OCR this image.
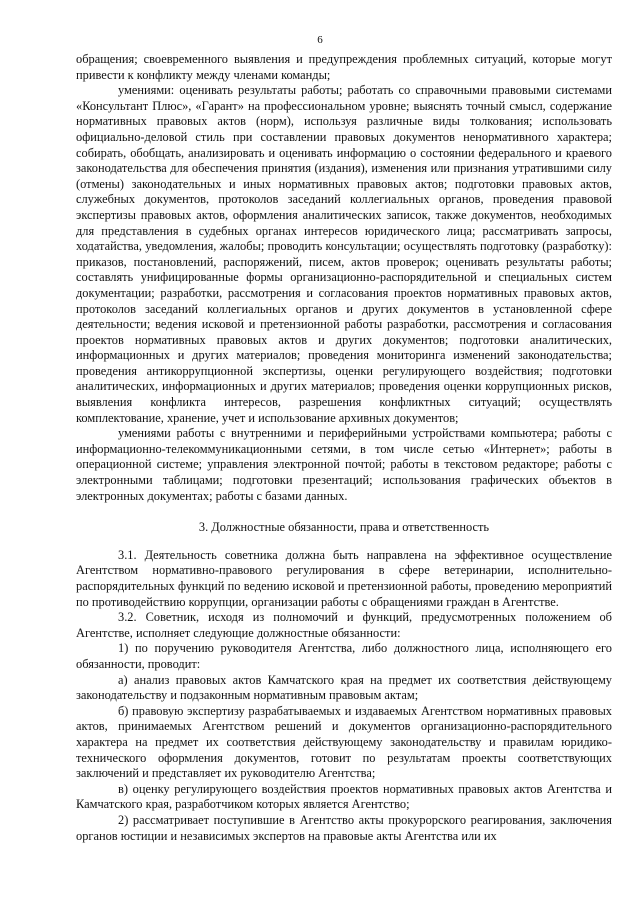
6

обращения; своевременного выявления и предупреждения проблемных ситуаций, которые могут привести к конфликту между членами команды;

умениями: оценивать результаты работы; работать со справочными правовыми системами «Консультант Плюс», «Гарант» на профессиональном уровне; выяснять точный смысл, содержание нормативных правовых актов (норм), используя различные виды толкования; использовать официально-деловой стиль при составлении правовых документов ненормативного характера; собирать, обобщать, анализировать и оценивать информацию о состоянии федерального и краевого законодательства для обеспечения принятия (издания), изменения или признания утратившими силу (отмены) законодательных и иных нормативных правовых актов; подготовки правовых актов, служебных документов, протоколов заседаний коллегиальных органов, проведения правовой экспертизы правовых актов, оформления аналитических записок, также документов, необходимых для представления в судебных органах интересов юридического лица; рассматривать запросы, ходатайства, уведомления, жалобы; проводить консультации; осуществлять подготовку (разработку): приказов, постановлений, распоряжений, писем, актов проверок; оценивать результаты работы; составлять унифицированные формы организационно-распорядительной и специальных систем документации; разработки, рассмотрения и согласования проектов нормативных правовых актов, протоколов заседаний коллегиальных органов и других документов в установленной сфере деятельности; ведения исковой и претензионной работы разработки, рассмотрения и согласования проектов нормативных правовых актов и других документов; подготовки аналитических, информационных и других материалов; проведения мониторинга изменений законодательства; проведения антикоррупционной экспертизы, оценки регулирующего воздействия; подготовки аналитических, информационных и других материалов; проведения оценки коррупционных рисков, выявления конфликта интересов, разрешения конфликтных ситуаций; осуществлять комплектование, хранение, учет и использование архивных документов;

умениями работы с внутренними и периферийными устройствами компьютера; работы с информационно-телекоммуникационными сетями, в том числе сетью «Интернет»; работы в операционной системе; управления электронной почтой; работы в текстовом редакторе; работы с электронными таблицами; подготовки презентаций; использования графических объектов в электронных документах; работы с базами данных.

3. Должностные обязанности, права и ответственность

3.1. Деятельность советника должна быть направлена на эффективное осуществление Агентством нормативно-правового регулирования в сфере ветеринарии, исполнительно-распорядительных функций по ведению исковой и претензионной работы, проведению мероприятий по противодействию коррупции, организации работы с обращениями граждан в Агентстве.

3.2. Советник, исходя из полномочий и функций, предусмотренных положением об Агентстве, исполняет следующие должностные обязанности:

1) по поручению руководителя Агентства, либо должностного лица, исполняющего его обязанности, проводит:

а) анализ правовых актов Камчатского края на предмет их соответствия действующему законодательству и подзаконным нормативным правовым актам;

б) правовую экспертизу разрабатываемых и издаваемых Агентством нормативных правовых актов, принимаемых Агентством решений и документов организационно-распорядительного характера на предмет их соответствия действующему законодательству и правилам юридико-технического оформления документов, готовит по результатам проекты соответствующих заключений и представляет их руководителю Агентства;

в) оценку регулирующего воздействия проектов нормативных правовых актов Агентства и Камчатского края, разработчиком которых является Агентство;

2) рассматривает поступившие в Агентство акты прокурорского реагирования, заключения органов юстиции и независимых экспертов на правовые акты Агентства или их
